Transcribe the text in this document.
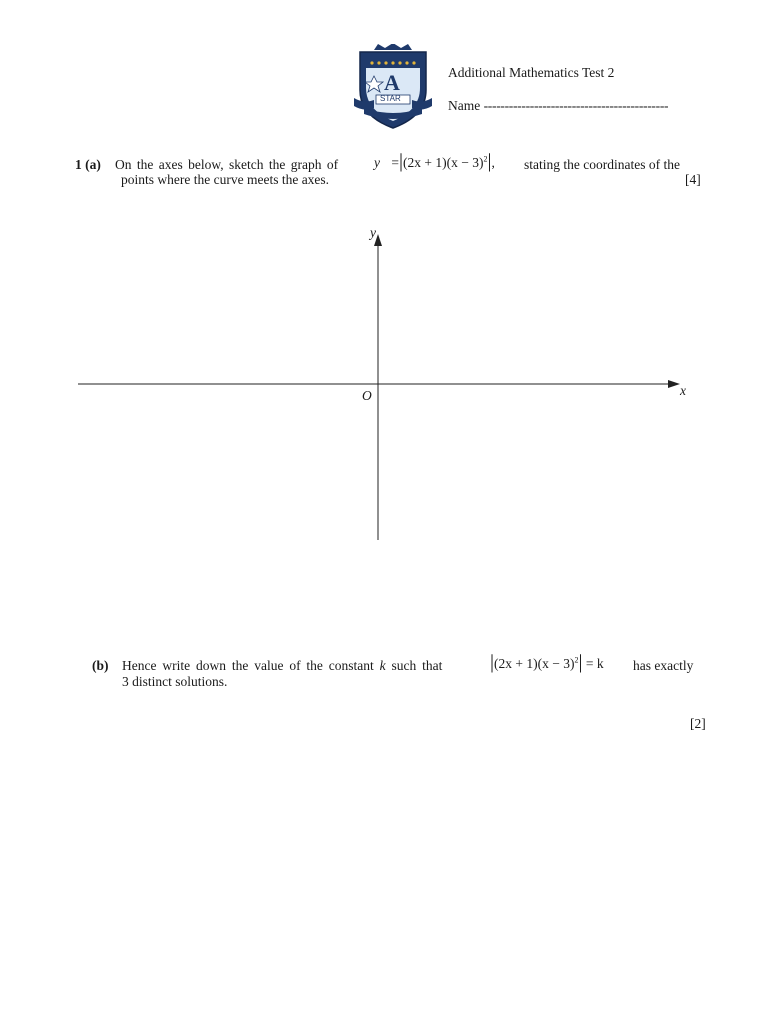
A
STAR
Additional Mathematics Test 2
Name --------------------------------------------
1 (a) On the axes below, sketch the graph of	$y =|(2x + 1)(x - 3)^2|$, stating the coordinates of the
points where the curve meets the axes.	[4]
y
x
O
(b) Hence write down the value of the constant k such that $|(2x + 1)(x - 3)^2| = k$ has exactly
3 distinct solutions.
[2]
